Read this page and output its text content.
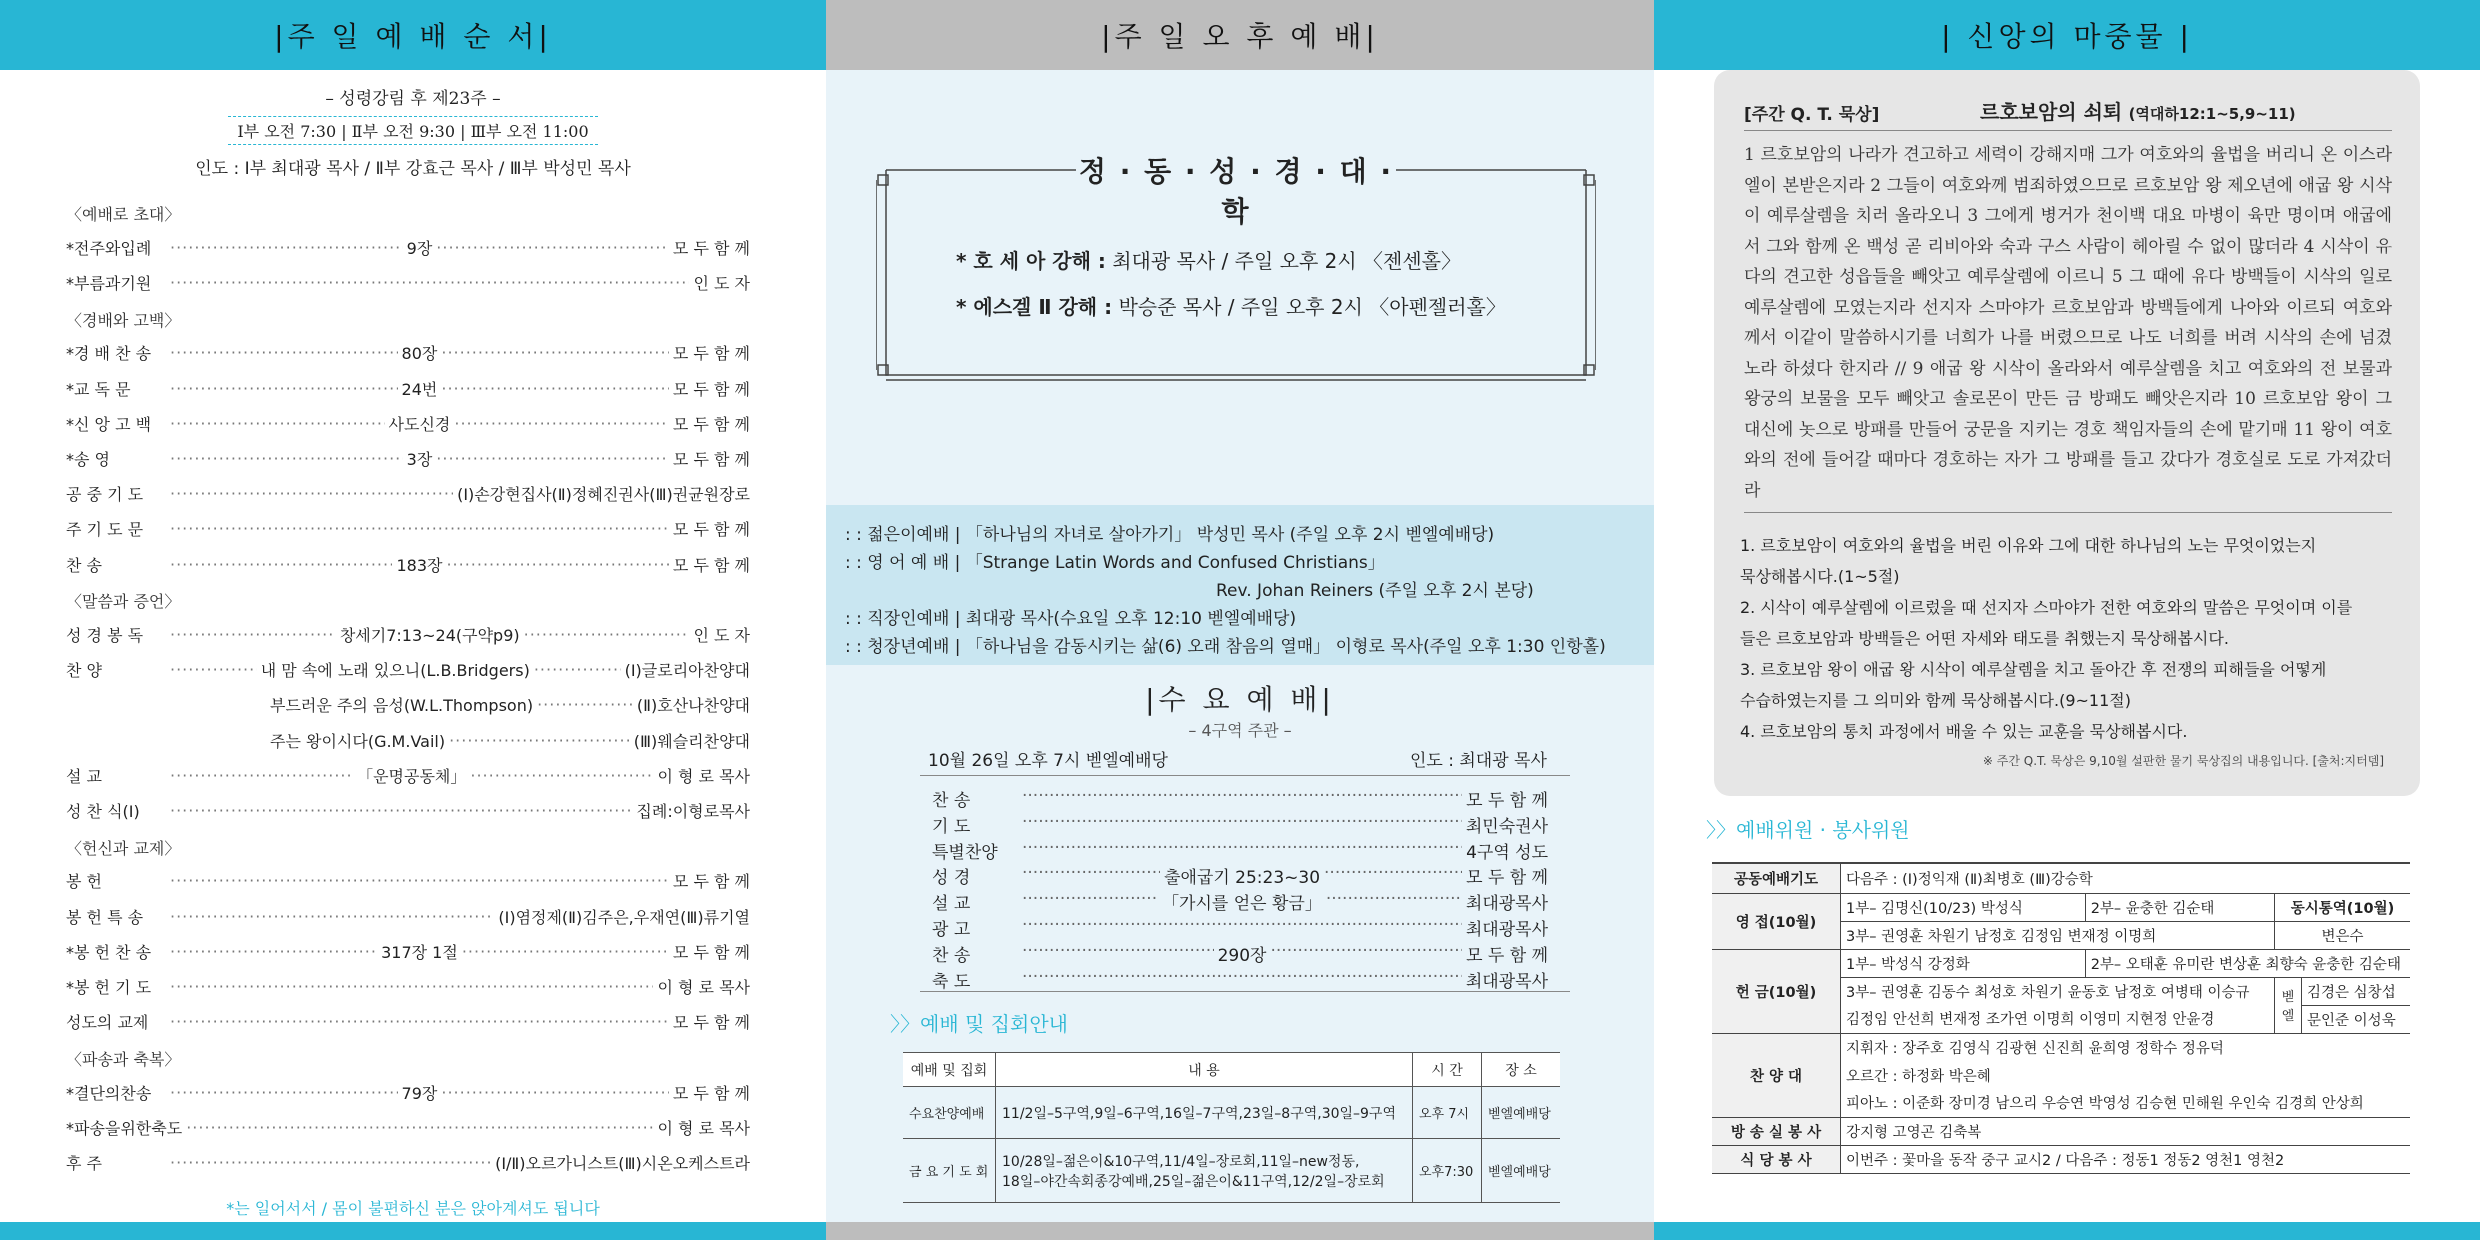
|주 일 예 배 순 서|	|주 일 오 후 예 배|	| 신앙의 마중물 |
– 성령강림 후 제23주 –
Ⅰ부 오전 7:30 | Ⅱ부 오전 9:30 | Ⅲ부 오전 11:00
인도 : Ⅰ부 최대광 목사 / Ⅱ부 강효근 목사 / Ⅲ부 박성민 목사
〈예배로 초대〉
*전주와입례 ·····	9장 ·····	모 두 함 께
*부름과기원 ·····	인 도 자
〈경배와 고백〉
*경 배 찬 송 ·····	80장 ·····	모 두 함 께
*교 독 문 ·····	24번 ·····	모 두 함 께
*신 앙 고 백 ·····	사도신경 ·····	모 두 함 께
*송 영 ·····	3장 ·····	모 두 함 께
공 중 기 도 ·····	(Ⅰ)손강현집사(Ⅱ)정혜진권사(Ⅲ)권균원장로
주 기 도 문 ·····	모 두 함 께
찬 송 ·····	183장 ·····	모 두 함 께
〈말씀과 증언〉
성 경 봉 독 ·····	창세기7:13~24(구약p9) ·····	인 도 자
찬 양 ·····	내 맘 속에 노래 있으니(L.B.Bridgers) ·····	(Ⅰ)글로리아찬양대
부드러운 주의 음성(W.L.Thompson) ·····	(Ⅱ)호산나찬양대
주는 왕이시다(G.M.Vail) ·····	(Ⅲ)웨슬리찬양대
설 교 ·····	「운명공동체」 ·····	이 형 로 목사
성 찬 식(Ⅰ) ·····	집례:이형로목사
〈헌신과 교제〉
봉 헌 ·····	모 두 함 께
봉 헌 특 송 ·····	(Ⅰ)염정제(Ⅱ)김주은,우재연(Ⅲ)류기열
*봉 헌 찬 송 ·····	317장 1절 ·····	모 두 함 께
*봉 헌 기 도 ·····	이 형 로 목사
성도의 교제 ·····	모 두 함 께
〈파송과 축복〉
*결단의찬송 ·····	79장 ·····	모 두 함 께
*파송을위한축도 ·····	이 형 로 목사
후 주 ·····	(Ⅰ/Ⅱ)오르가니스트(Ⅲ)시온오케스트라
*는 일어서서 / 몸이 불편하신 분은 앉아계셔도 됩니다
정 · 동 · 성 · 경 · 대 · 학
* 호 세 아 강해 : 최대광 목사 / 주일 오후 2시 〈젠센홀〉
* 에스겔 Ⅱ 강해 : 박승준 목사 / 주일 오후 2시 〈아펜젤러홀〉
: : 젊은이예배 | 「하나님의 자녀로 살아가기」 박성민 목사 (주일 오후 2시 벧엘예배당)
: : 영 어 예 배 | 「Strange Latin Words and Confused Christians」
Rev. Johan Reiners (주일 오후 2시 본당)
: : 직장인예배 | 최대광 목사(수요일 오후 12:10 벧엘예배당)
: : 청장년예배 | 「하나님을 감동시키는 삶(6) 오래 참음의 열매」 이형로 목사(주일 오후 1:30 인항홀)
|수 요 예 배|
– 4구역 주관 –
10월 26일 오후 7시 벧엘예배당	인도 : 최대광 목사
찬 송 ·····	모 두 함 께
기 도 ·····	최민숙권사
특별찬양 ·····	4구역 성도
성 경 ·····	출애굽기 25:23~30 ·····	모 두 함 께
설 교 ·····	「가시를 얻은 황금」 ·····	최대광목사
광 고 ·····	최대광목사
찬 송 ·····	290장 ·····	모 두 함 께
축 도 ·····	최대광목사
〉〉예배 및 집회안내
예배 및 집회	내 용	시 간	장 소
수요찬양예배	11/2일–5구역,9일–6구역,16일–7구역,23일–8구역,30일–9구역	오후 7시	벧엘예배당
금 요 기 도 회	10/28일–젊은이&10구역,11/4일–장로회,11일–new정동,
18일–야간속회종강예배,25일–젊은이&11구역,12/2일–장로회	오후7:30	벧엘예배당
[주간 Q. T. 묵상]	르호보암의 쇠퇴 (역대하12:1~5,9~11)
1 르호보암의 나라가 견고하고 세력이 강해지매 그가 여호와의 율법을 버리니 온 이스라엘이 본받은지라 2 그들이 여호와께 범죄하였으므로 르호보암 왕 제오년에 애굽 왕 시삭이 예루살렘을 치러 올라오니 3 그에게 병거가 천이백 대요 마병이 육만 명이며 애굽에서 그와 함께 온 백성 곧 리비아와 숙과 구스 사람이 헤아릴 수 없이 많더라 4 시삭이 유다의 견고한 성읍들을 빼앗고 예루살렘에 이르니 5 그 때에 유다 방백들이 시삭의 일로 예루살렘에 모였는지라 선지자 스마야가 르호보암과 방백들에게 나아와 이르되 여호와께서 이같이 말씀하시기를 너희가 나를 버렸으므로 나도 너희를 버려 시삭의 손에 넘겼노라 하셨다 한지라 // 9 애굽 왕 시삭이 올라와서 예루살렘을 치고 여호와의 전 보물과 왕궁의 보물을 모두 빼앗고 솔로몬이 만든 금 방패도 빼앗은지라 10 르호보암 왕이 그 대신에 놋으로 방패를 만들어 궁문을 지키는 경호 책임자들의 손에 맡기매 11 왕이 여호와의 전에 들어갈 때마다 경호하는 자가 그 방패를 들고 갔다가 경호실로 도로 가져갔더라
1. 르호보암이 여호와의 율법을 버린 이유와 그에 대한 하나님의 노는 무엇이었는지
묵상해봅시다.(1~5절)
2. 시삭이 예루살렘에 이르렀을 때 선지자 스마야가 전한 여호와의 말씀은 무엇이며 이를
들은 르호보암과 방백들은 어떤 자세와 태도를 취했는지 묵상해봅시다.
3. 르호보암 왕이 애굽 왕 시삭이 예루살렘을 치고 돌아간 후 전쟁의 피해들을 어떻게
수습하였는지를 그 의미와 함께 묵상해봅시다.(9~11절)
4. 르호보암의 통치 과정에서 배울 수 있는 교훈을 묵상해봅시다.
※ 주간 Q.T. 묵상은 9,10월 설판한 물기 묵상집의 내용입니다. [출처:지터뎀]
〉〉예배위원 · 봉사위원
공동예배기도	다음주 : (Ⅰ)정익재 (Ⅱ)최병호 (Ⅲ)강승학			
영 접(10월)	1부– 김명신(10/23) 박성식	2부– 윤충한 김순태	동시통역(10월)	
	3부– 권영훈 차원기 남정호 김정임 변재정 이명희		변은수	
헌 금(10월)	1부– 박성식 강정화	2부– 오태훈 유미란 변상훈 최향숙 윤충한 김순태		
	3부– 권영훈 김동수 최성호 차원기 윤동호 남정호 여병태 이승규		벧엘	김경은 심창섭
	김정임 안선희 변재정 조가연 이명희 이영미 지현정 안윤경			문인준 이성욱
찬 양 대	지휘자 : 장주호 김영식 김광현 신진희 윤희영 정학수 정유덕			
	오르간 : 하정화 박은혜			
	피아노 : 이준화 장미경 남으리 우승연 박영성 김승현 민해원 우인숙 김경희 안상희			
방 송 실 봉 사	강지형 고영곤 김축복			
식 당 봉 사	이번주 : 꽃마을 동작 중구 교시2 / 다음주 : 정동1 정동2 영천1 영천2			
